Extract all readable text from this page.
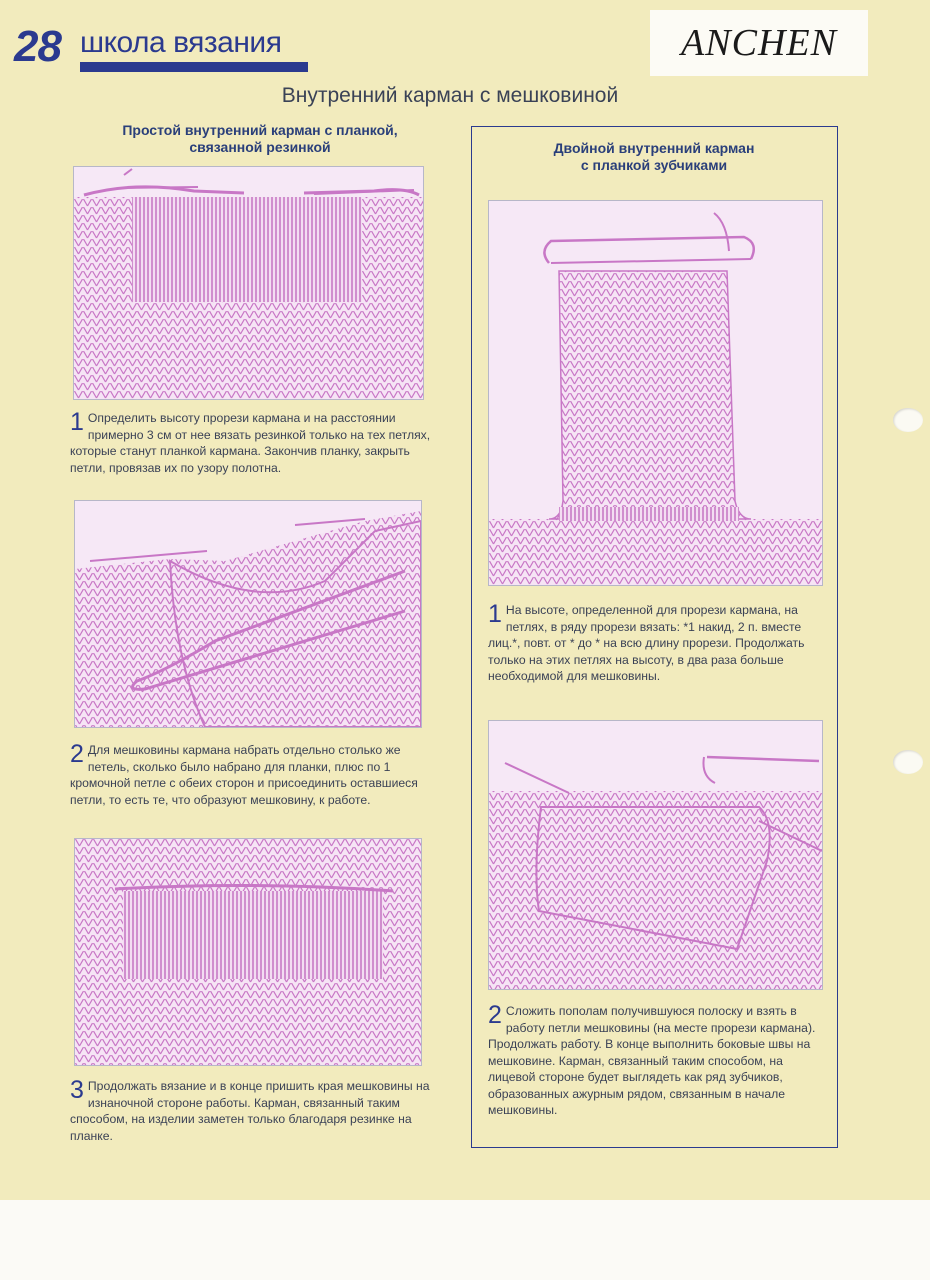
28 школа вязания	ANCHEN
Внутренний карман с мешковиной
Простой внутренний карман с планкой,
связанной резинкой
1 Определить высоту прорези кармана и на расстоянии примерно 3 см от нее вязать резинкой только на тех петлях, которые станут планкой кармана. Закончив планку, закрыть петли, провязав их по узору полотна.
2 Для мешковины кармана набрать отдельно столько же петель, сколько было набрано для планки, плюс по 1 кромочной петле с обеих сторон и присоединить оставшиеся петли, то есть те, что образуют мешковину, к работе.
3 Продолжать вязание и в конце пришить края мешковины на изнаночной стороне работы. Карман, связанный таким способом, на изделии заметен только благодаря резинке на планке.
Двойной внутренний карман
с планкой зубчиками
1 На высоте, определенной для прорези кармана, на петлях, в ряду прорези вязать: *1 накид, 2 п. вместе лиц.*, повт. от * до * на всю длину прорези. Продолжать только на этих петлях на высоту, в два раза больше необходимой для мешковины.
2 Сложить пополам получившуюся полоску и взять в работу петли мешковины (на месте прорези кармана). Продолжать работу. В конце выполнить боковые швы на мешковине. Карман, связанный таким способом, на лицевой стороне будет выглядеть как ряд зубчиков, образованных ажурным рядом, связанным в начале мешковины.
